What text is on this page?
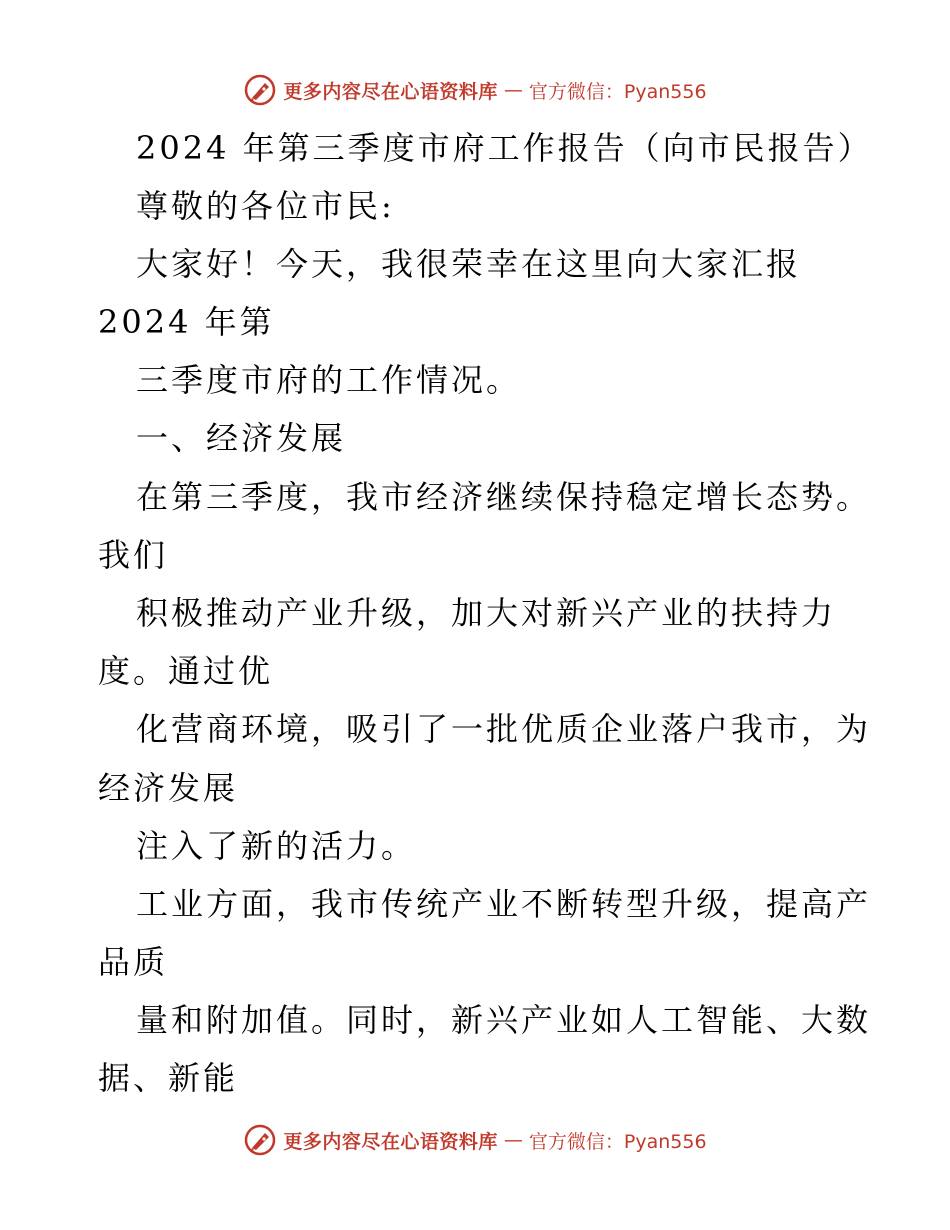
更多内容尽在心语资料库 — 官方微信：Pyan556
2024 年第三季度市府工作报告（向市民报告）
尊敬的各位市民:
大家好！今天，我很荣幸在这里向大家汇报
2024 年第
三季度市府的工作情况。
一、经济发展
在第三季度，我市经济继续保持稳定增长态势。
我们
积极推动产业升级，加大对新兴产业的扶持力
度。通过优
化营商环境，吸引了一批优质企业落户我市，为
经济发展
注入了新的活力。
工业方面，我市传统产业不断转型升级，提高产
品质
量和附加值。同时，新兴产业如人工智能、大数
据、新能
更多内容尽在心语资料库 — 官方微信：Pyan556
